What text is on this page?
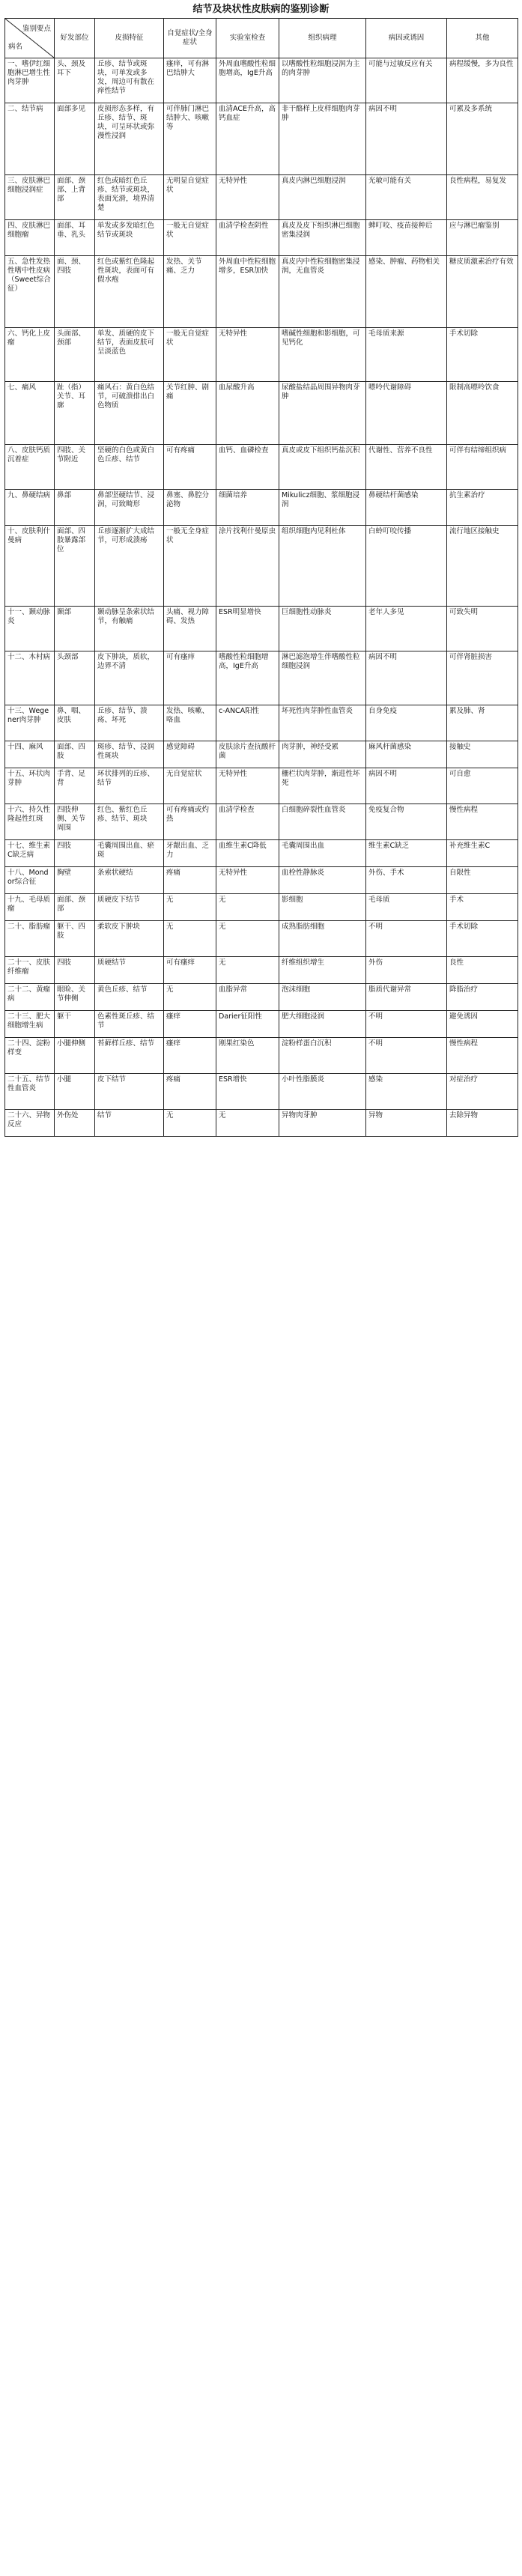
结节及块状性皮肤病的鉴别诊断
鉴别要点
病名	好发部位	皮损特征	自觉症状/全身症状	实验室检查	组织病理	病因或诱因	其他
一、嗜伊红细胞淋巴增生性肉芽肿	头、颈及耳下	丘疹、结节或斑块，可单发或多发，周边可有散在痒性结节	瘙痒，可有淋巴结肿大	外周血嗜酸性粒细胞增高，IgE升高	以嗜酸性粒细胞浸润为主的肉芽肿	可能与过敏反应有关	病程缓慢，多为良性
二、结节病	面部多见	皮损形态多样，有丘疹、结节、斑块，可呈环状或弥漫性浸润	可伴肺门淋巴结肿大、咳嗽等	血清ACE升高，高钙血症	非干酪样上皮样细胞肉芽肿	病因不明	可累及多系统
三、皮肤淋巴细胞浸润症	面部、颈部、上背部	红色或暗红色丘疹、结节或斑块，表面光滑，境界清楚	无明显自觉症状	无特异性	真皮内淋巴细胞浸润	光敏可能有关	良性病程，易复发
四、皮肤淋巴细胞瘤	面部、耳垂、乳头	单发或多发暗红色结节或斑块	一般无自觉症状	血清学检查阴性	真皮及皮下组织淋巴细胞密集浸润	蜱叮咬、疫苗接种后	应与淋巴瘤鉴别
五、急性发热性嗜中性皮病（Sweet综合征）	面、颈、四肢	红色或紫红色隆起性斑块，表面可有假水疱	发热、关节痛、乏力	外周血中性粒细胞增多，ESR加快	真皮内中性粒细胞密集浸润，无血管炎	感染、肿瘤、药物相关	糖皮质激素治疗有效
六、钙化上皮瘤	头面部、颈部	单发、质硬的皮下结节，表面皮肤可呈淡蓝色	一般无自觉症状	无特异性	嗜碱性细胞和影细胞，可见钙化	毛母质来源	手术切除
七、痛风	趾（指）关节、耳廓	痛风石：黄白色结节，可破溃排出白色物质	关节红肿、剧痛	血尿酸升高	尿酸盐结晶周围异物肉芽肿	嘌呤代谢障碍	限制高嘌呤饮食
八、皮肤钙质沉着症	四肢、关节附近	坚硬的白色或黄白色丘疹、结节	可有疼痛	血钙、血磷检查	真皮或皮下组织钙盐沉积	代谢性、营养不良性	可伴有结缔组织病
九、鼻硬结病	鼻部	鼻部坚硬结节、浸润，可致畸形	鼻塞、鼻腔分泌物	细菌培养	Mikulicz细胞、浆细胞浸润	鼻硬结杆菌感染	抗生素治疗
十、皮肤利什曼病	面部、四肢暴露部位	丘疹逐渐扩大成结节，可形成溃疡	一般无全身症状	涂片找利什曼原虫	组织细胞内见利杜体	白蛉叮咬传播	流行地区接触史
十一、颞动脉炎	颞部	颞动脉呈条索状结节，有触痛	头痛、视力障碍、发热	ESR明显增快	巨细胞性动脉炎	老年人多见	可致失明
十二、木村病	头颈部	皮下肿块，质软，边界不清	可有瘙痒	嗜酸性粒细胞增高，IgE升高	淋巴滤泡增生伴嗜酸性粒细胞浸润	病因不明	可伴肾脏损害
十三、Wegener肉芽肿	鼻、咽、皮肤	丘疹、结节、溃疡、坏死	发热、咳嗽、咯血	c-ANCA阳性	坏死性肉芽肿性血管炎	自身免疫	累及肺、肾
十四、麻风	面部、四肢	斑疹、结节、浸润性斑块	感觉障碍	皮肤涂片查抗酸杆菌	肉芽肿，神经受累	麻风杆菌感染	接触史
十五、环状肉芽肿	手背、足背	环状排列的丘疹、结节	无自觉症状	无特异性	栅栏状肉芽肿，渐进性坏死	病因不明	可自愈
十六、持久性隆起性红斑	四肢伸侧、关节周围	红色、紫红色丘疹、结节、斑块	可有疼痛或灼热	血清学检查	白细胞碎裂性血管炎	免疫复合物	慢性病程
十七、维生素C缺乏病	四肢	毛囊周围出血、瘀斑	牙龈出血、乏力	血维生素C降低	毛囊周围出血	维生素C缺乏	补充维生素C
十八、Mondor综合征	胸壁	条索状硬结	疼痛	无特异性	血栓性静脉炎	外伤、手术	自限性
十九、毛母质瘤	面部、颈部	质硬皮下结节	无	无	影细胞	毛母质	手术
二十、脂肪瘤	躯干、四肢	柔软皮下肿块	无	无	成熟脂肪细胞	不明	手术切除
二十一、皮肤纤维瘤	四肢	质硬结节	可有瘙痒	无	纤维组织增生	外伤	良性
二十二、黄瘤病	眼睑、关节伸侧	黄色丘疹、结节	无	血脂异常	泡沫细胞	脂质代谢异常	降脂治疗
二十三、肥大细胞增生病	躯干	色素性斑丘疹、结节	瘙痒	Darier征阳性	肥大细胞浸润	不明	避免诱因
二十四、淀粉样变	小腿伸侧	苔藓样丘疹、结节	瘙痒	刚果红染色	淀粉样蛋白沉积	不明	慢性病程
二十五、结节性血管炎	小腿	皮下结节	疼痛	ESR增快	小叶性脂膜炎	感染	对症治疗
二十六、异物反应	外伤处	结节	无	无	异物肉芽肿	异物	去除异物
